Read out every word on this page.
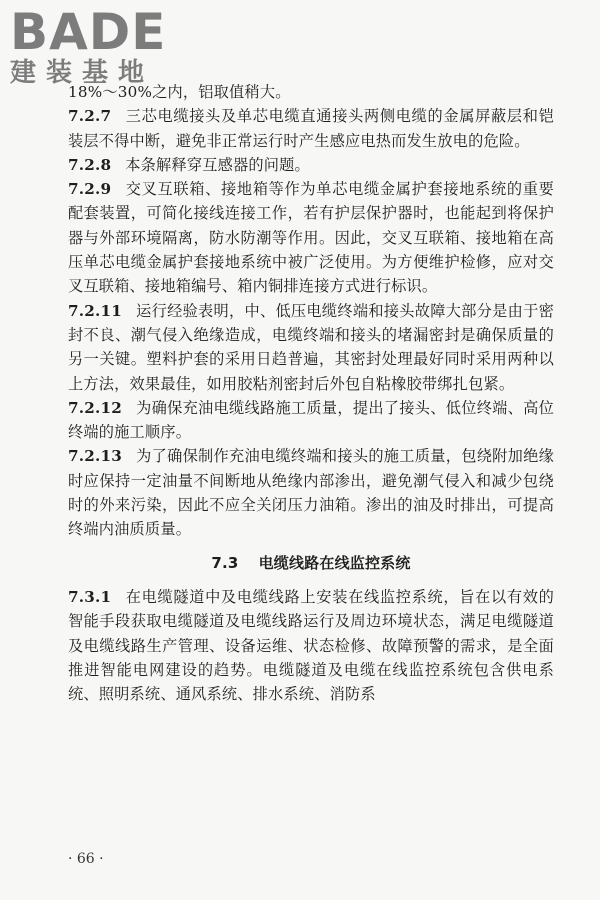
BADE
建装基地

18%～30%之内，铝取值稍大。

7.2.7 三芯电缆接头及单芯电缆直通接头两侧电缆的金属屏蔽层和铠装层不得中断，避免非正常运行时产生感应电热而发生放电的危险。

7.2.8 本条解释穿互感器的问题。

7.2.9 交叉互联箱、接地箱等作为单芯电缆金属护套接地系统的重要配套装置，可简化接线连接工作，若有护层保护器时，也能起到将保护器与外部环境隔离，防水防潮等作用。因此，交叉互联箱、接地箱在高压单芯电缆金属护套接地系统中被广泛使用。为方便维护检修，应对交叉互联箱、接地箱编号、箱内铜排连接方式进行标识。

7.2.11 运行经验表明，中、低压电缆终端和接头故障大部分是由于密封不良、潮气侵入绝缘造成，电缆终端和接头的堵漏密封是确保质量的另一关键。塑料护套的采用日趋普遍，其密封处理最好同时采用两种以上方法，效果最佳，如用胶粘剂密封后外包自粘橡胶带绑扎包紧。

7.2.12 为确保充油电缆线路施工质量，提出了接头、低位终端、高位终端的施工顺序。

7.2.13 为了确保制作充油电缆终端和接头的施工质量，包绕附加绝缘时应保持一定油量不间断地从绝缘内部渗出，避免潮气侵入和减少包绕时的外来污染，因此不应全关闭压力油箱。渗出的油及时排出，可提高终端内油质质量。

7.3 电缆线路在线监控系统

7.3.1 在电缆隧道中及电缆线路上安装在线监控系统，旨在以有效的智能手段获取电缆隧道及电缆线路运行及周边环境状态，满足电缆隧道及电缆线路生产管理、设备运维、状态检修、故障预警的需求，是全面推进智能电网建设的趋势。电缆隧道及电缆在线监控系统包含供电系统、照明系统、通风系统、排水系统、消防系

· 66 ·
